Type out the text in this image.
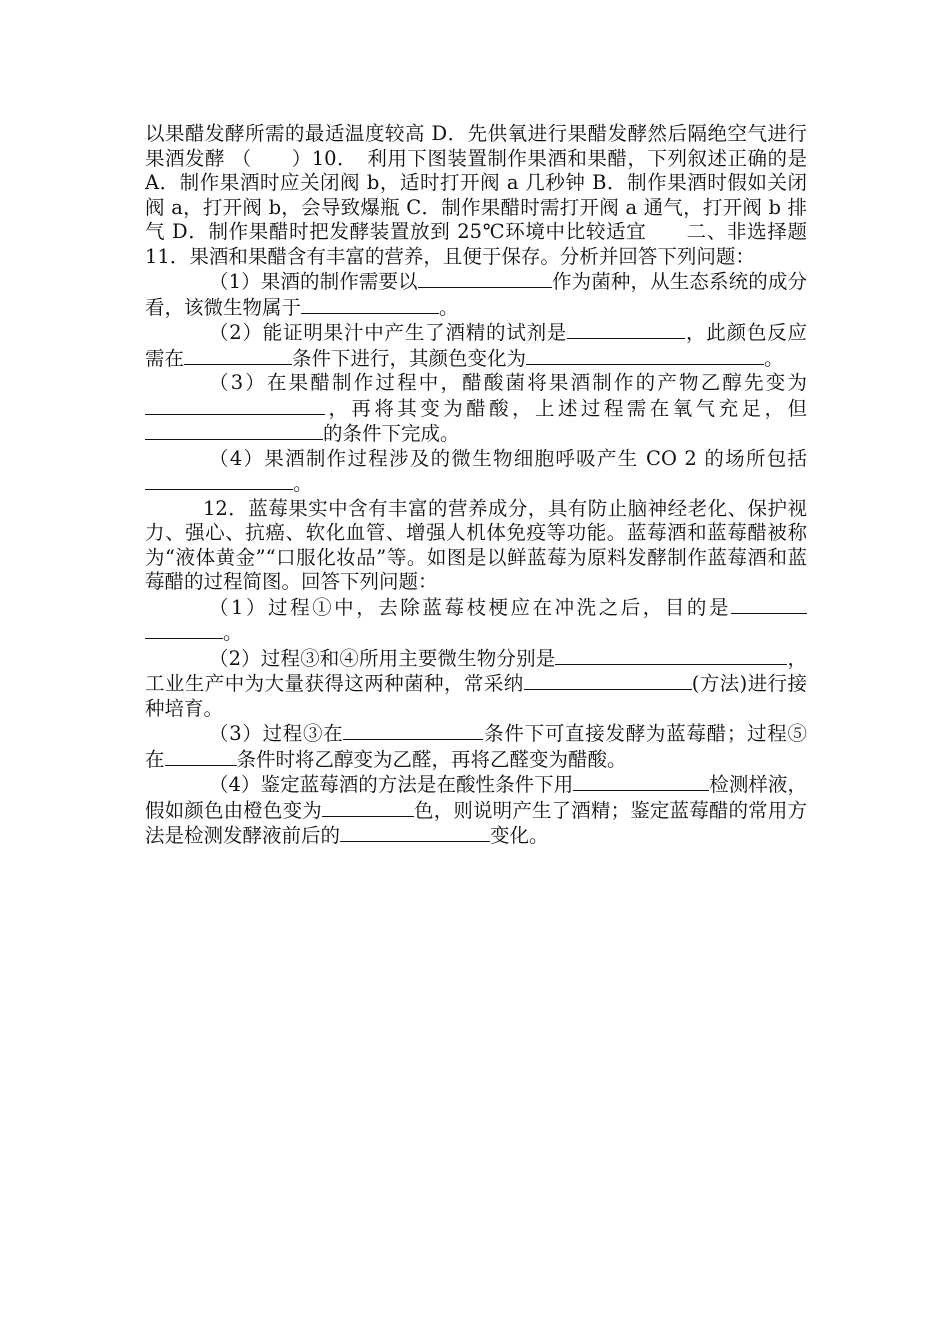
以果醋发酵所需的最适温度较高 D．先供氧进行果醋发酵然后隔绝空气进行果酒发酵 （　　）10．　利用下图装置制作果酒和果醋，下列叙述正确的是 A．制作果酒时应关闭阀 b，适时打开阀 a 几秒钟 B．制作果酒时假如关闭阀 a，打开阀 b，会导致爆瓶 C．制作果醋时需打开阀 a 通气，打开阀 b 排气 D．制作果醋时把发酵装置放到 25℃环境中比较适宜　　二、非选择题　11．果酒和果醋含有丰富的营养，且便于保存。分析并回答下列问题：

（1）果酒的制作需要以	作为菌种，从生态系统的成分看，该微生物属于	。

（2）能证明果汁中产生了酒精的试剂是	，此颜色反应需在	条件下进行，其颜色变化为	。

（3）在果醋制作过程中，醋酸菌将果酒制作的产物乙醇先变为，再将其变为醋酸，上述过程需在氧气充足，但的条件下完成。

（4）果酒制作过程涉及的微生物细胞呼吸产生 CO 2 的场所包括。

12．蓝莓果实中含有丰富的营养成分，具有防止脑神经老化、保护视力、强心、抗癌、软化血管、增强人机体免疫等功能。蓝莓酒和蓝莓醋被称为“液体黄金”“口服化妆品”等。如图是以鲜蓝莓为原料发酵制作蓝莓酒和蓝莓醋的过程简图。回答下列问题：

（1）过程①中，去除蓝莓枝梗应在冲洗之后，目的是。

（2）过程③和④所用主要微生物分别是	，工业生产中为大量获得这两种菌种，常采纳	(方法)进行接种培育。

（3）过程③在	条件下可直接发酵为蓝莓醋；过程⑤在	条件时将乙醇变为乙醛，再将乙醛变为醋酸。

（4）鉴定蓝莓酒的方法是在酸性条件下用	检测样液，假如颜色由橙色变为	色，则说明产生了酒精；鉴定蓝莓醋的常用方法是检测发酵液前后的	变化。
